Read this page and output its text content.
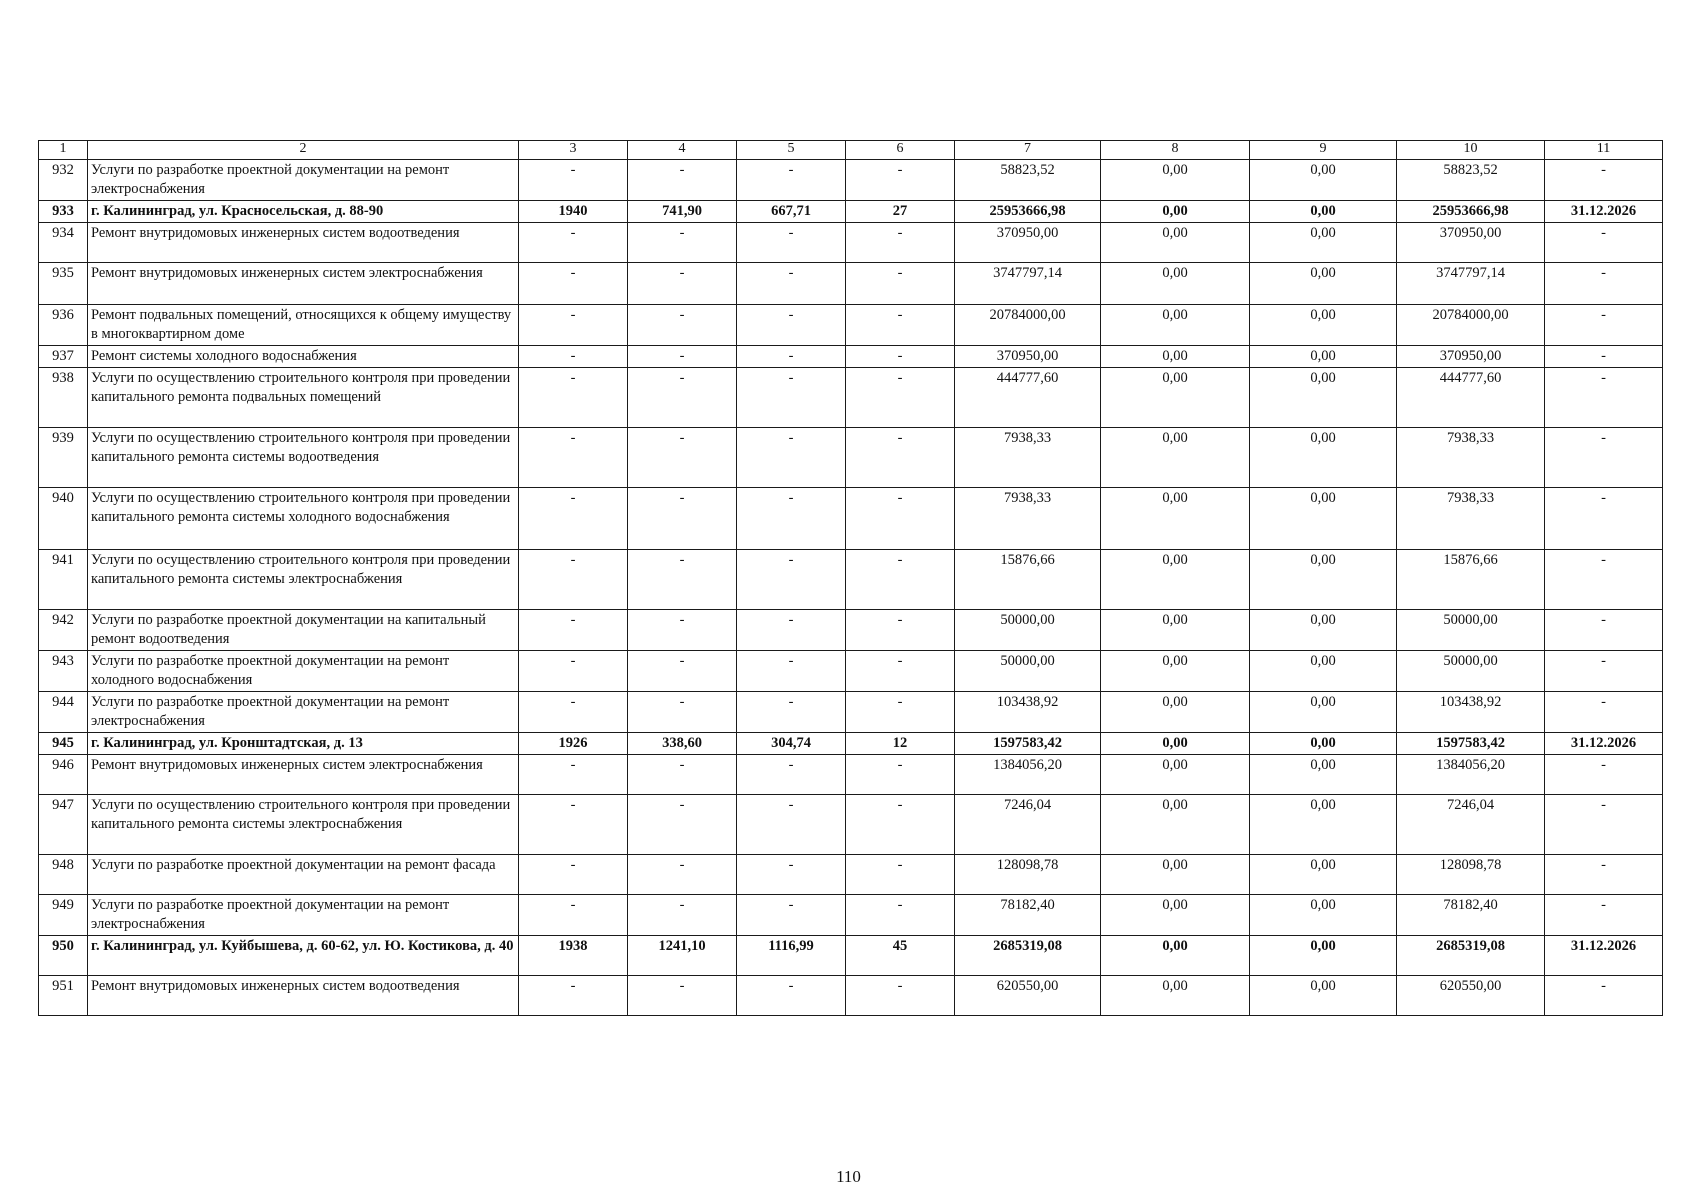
1	2	3	4	5	6	7	8	9	10	11
932	Услуги по разработке проектной документации на ремонт электроснабжения	-	-	-	-	58823,52	0,00	0,00	58823,52	-
933	г. Калининград, ул. Красносельская, д. 88-90	1940	741,90	667,71	27	25953666,98	0,00	0,00	25953666,98	31.12.2026
934	Ремонт внутридомовых инженерных систем водоотведения	-	-	-	-	370950,00	0,00	0,00	370950,00	-
935	Ремонт внутридомовых инженерных систем электроснабжения	-	-	-	-	3747797,14	0,00	0,00	3747797,14	-
936	Ремонт подвальных помещений, относящихся к общему имуществу в многоквартирном доме	-	-	-	-	20784000,00	0,00	0,00	20784000,00	-
937	Ремонт системы холодного водоснабжения	-	-	-	-	370950,00	0,00	0,00	370950,00	-
938	Услуги по осуществлению строительного контроля при проведении капитального ремонта подвальных помещений	-	-	-	-	444777,60	0,00	0,00	444777,60	-
939	Услуги по осуществлению строительного контроля при проведении капитального ремонта системы водоотведения	-	-	-	-	7938,33	0,00	0,00	7938,33	-
940	Услуги по осуществлению строительного контроля при проведении капитального ремонта системы холодного водоснабжения	-	-	-	-	7938,33	0,00	0,00	7938,33	-
941	Услуги по осуществлению строительного контроля при проведении капитального ремонта системы электроснабжения	-	-	-	-	15876,66	0,00	0,00	15876,66	-
942	Услуги по разработке проектной документации на капитальный ремонт водоотведения	-	-	-	-	50000,00	0,00	0,00	50000,00	-
943	Услуги по разработке проектной документации на ремонт холодного водоснабжения	-	-	-	-	50000,00	0,00	0,00	50000,00	-
944	Услуги по разработке проектной документации на ремонт электроснабжения	-	-	-	-	103438,92	0,00	0,00	103438,92	-
945	г. Калининград, ул. Кронштадтская, д. 13	1926	338,60	304,74	12	1597583,42	0,00	0,00	1597583,42	31.12.2026
946	Ремонт внутридомовых инженерных систем электроснабжения	-	-	-	-	1384056,20	0,00	0,00	1384056,20	-
947	Услуги по осуществлению строительного контроля при проведении капитального ремонта системы электроснабжения	-	-	-	-	7246,04	0,00	0,00	7246,04	-
948	Услуги по разработке проектной документации на ремонт фасада	-	-	-	-	128098,78	0,00	0,00	128098,78	-
949	Услуги по разработке проектной документации на ремонт электроснабжения	-	-	-	-	78182,40	0,00	0,00	78182,40	-
950	г. Калининград, ул. Куйбышева, д. 60-62, ул. Ю. Костикова, д. 40	1938	1241,10	1116,99	45	2685319,08	0,00	0,00	2685319,08	31.12.2026
951	Ремонт внутридомовых инженерных систем водоотведения	-	-	-	-	620550,00	0,00	0,00	620550,00	-
110
